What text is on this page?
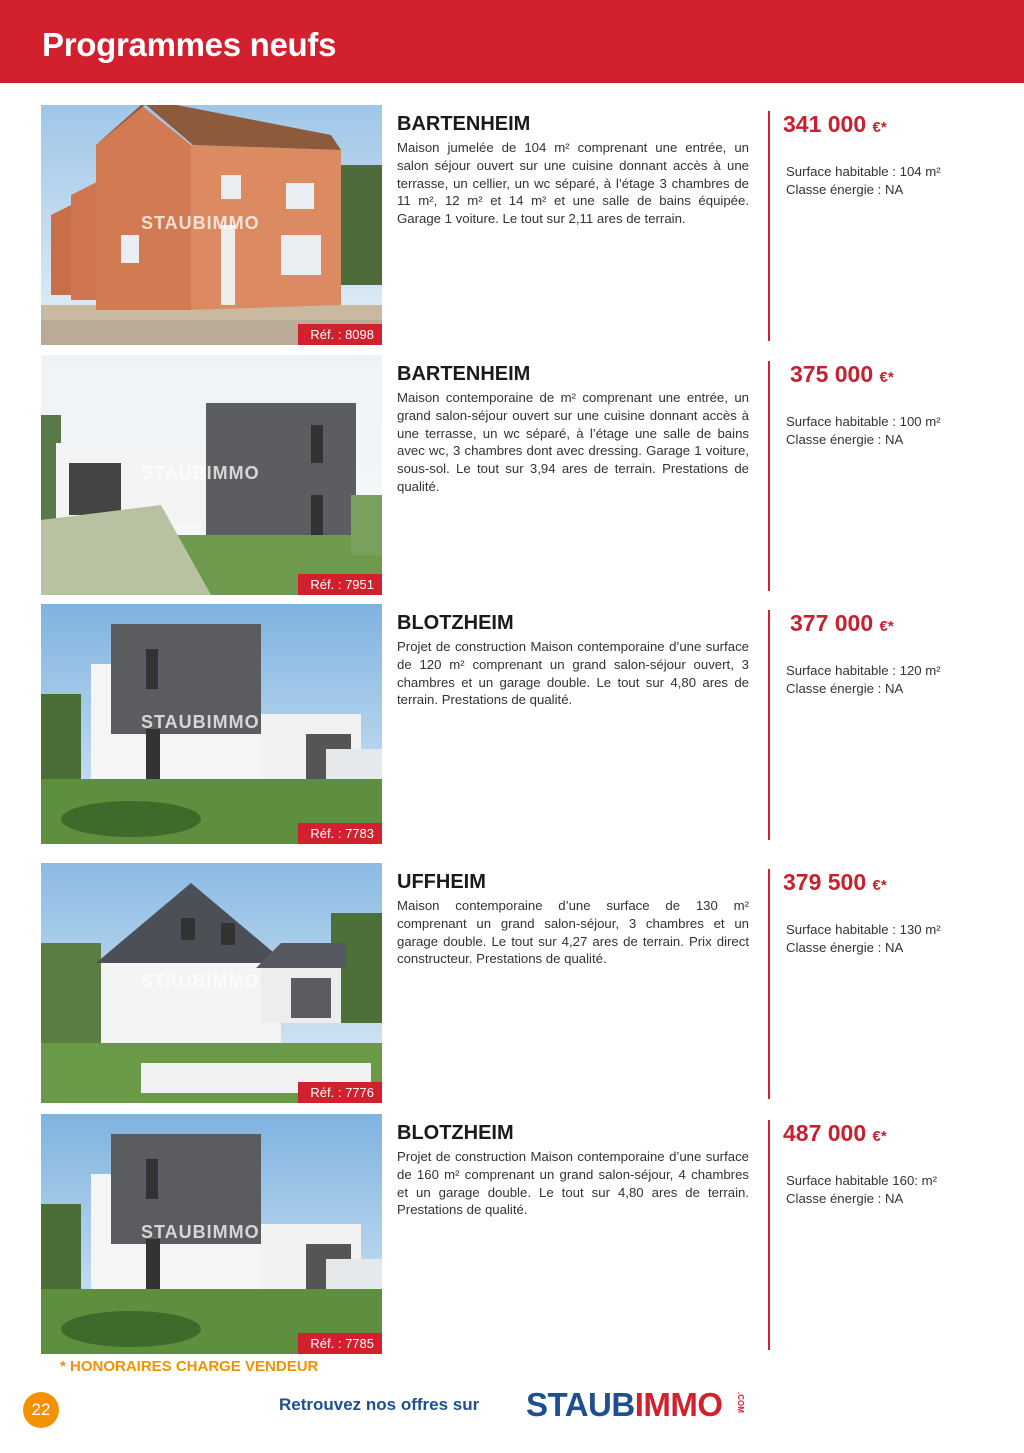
Programmes neufs
STAUBIMMO
Réf. : 8098
BARTENHEIM
Maison jumelée de 104 m² comprenant une entrée, un salon séjour ouvert sur une cuisine donnant accès à une terrasse, un cellier, un wc séparé, à l’étage 3 chambres de 11 m², 12 m² et 14 m² et une salle de bains équipée. Garage 1 voiture. Le tout sur 2,11 ares de terrain.
341 000 €*
Surface habitable : 104 m²
Classe énergie : NA
STAUBIMMO
Réf. : 7951
BARTENHEIM
Maison contemporaine de m² comprenant une entrée, un grand salon-séjour ouvert sur une cuisine donnant accès à une terrasse, un wc séparé, à l’étage une salle de bains avec wc, 3 chambres dont avec dressing. Garage 1 voiture, sous-sol. Le tout sur 3,94 ares de terrain. Prestations de qualité.
375 000 €*
Surface habitable : 100 m²
Classe énergie : NA
STAUBIMMO
Réf. : 7783
BLOTZHEIM
Projet de construction Maison contemporaine d’une surface de 120 m² comprenant un grand salon-séjour ouvert, 3 chambres et un garage double. Le tout sur 4,80 ares de terrain. Prestations de qualité.
377 000 €*
Surface habitable : 120 m²
Classe énergie : NA
STAUBIMMO
Réf. : 7776
UFFHEIM
Maison contemporaine d’une surface de 130 m² comprenant un grand salon-séjour, 3 chambres et un garage double. Le tout sur 4,27 ares de terrain. Prix direct constructeur. Prestations de qualité.
379 500 €*
Surface habitable : 130 m²
Classe énergie : NA
STAUBIMMO
Réf. : 7785
BLOTZHEIM
Projet de construction Maison contemporaine d’une surface de 160 m² comprenant un grand salon-séjour, 4 chambres et un garage double. Le tout sur 4,80 ares de terrain. Prestations de qualité.
487 000 €*
Surface habitable 160: m²
Classe énergie : NA
* HONORAIRES CHARGE VENDEUR
22	Retrouvez nos offres sur STAUBIMMO .COM
